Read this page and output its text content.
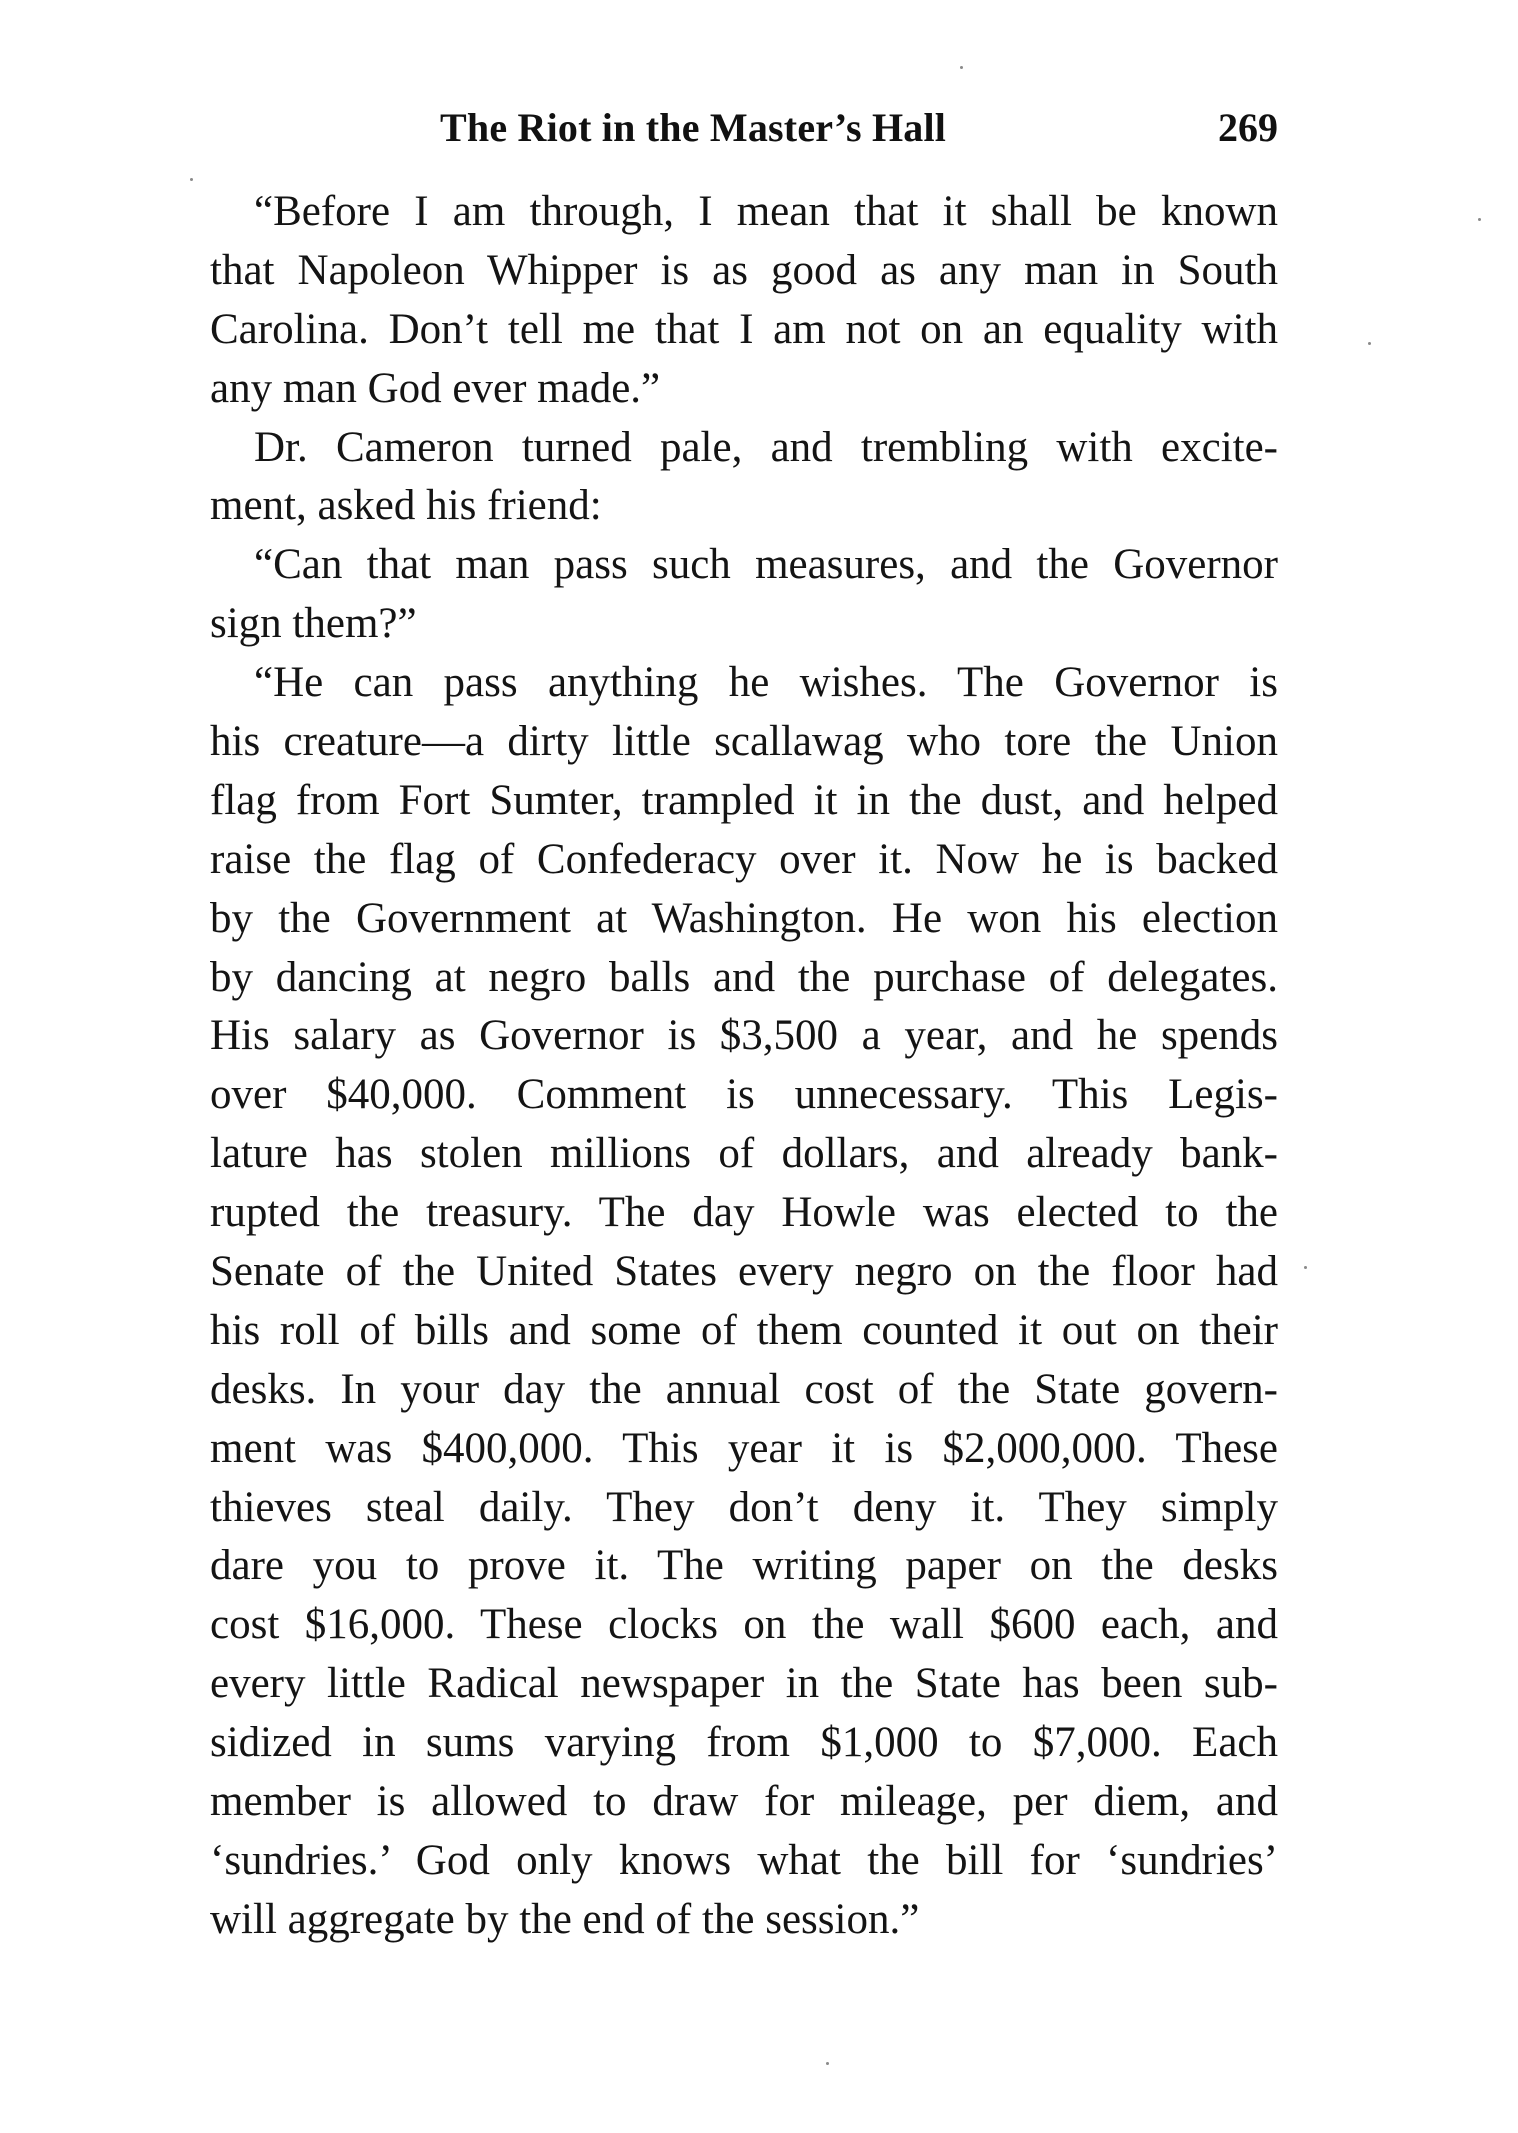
The Riot in the Master’s Hall	269
“Before I am through, I mean that it shall be known
that Napoleon Whipper is as good as any man in South
Carolina. Don’t tell me that I am not on an equality with
any man God ever made.”
Dr. Cameron turned pale, and trembling with excite-
ment, asked his friend:
“Can that man pass such measures, and the Governor
sign them?”
“He can pass anything he wishes. The Governor is
his creature—a dirty little scallawag who tore the Union
flag from Fort Sumter, trampled it in the dust, and helped
raise the flag of Confederacy over it. Now he is backed
by the Government at Washington. He won his election
by dancing at negro balls and the purchase of delegates.
His salary as Governor is $3,500 a year, and he spends
over $40,000. Comment is unnecessary. This Legis-
lature has stolen millions of dollars, and already bank-
rupted the treasury. The day Howle was elected to the
Senate of the United States every negro on the floor had
his roll of bills and some of them counted it out on their
desks. In your day the annual cost of the State govern-
ment was $400,000. This year it is $2,000,000. These
thieves steal daily. They don’t deny it. They simply
dare you to prove it. The writing paper on the desks
cost $16,000. These clocks on the wall $600 each, and
every little Radical newspaper in the State has been sub-
sidized in sums varying from $1,000 to $7,000. Each
member is allowed to draw for mileage, per diem, and
‘sundries.’ God only knows what the bill for ‘sundries’
will aggregate by the end of the session.”
